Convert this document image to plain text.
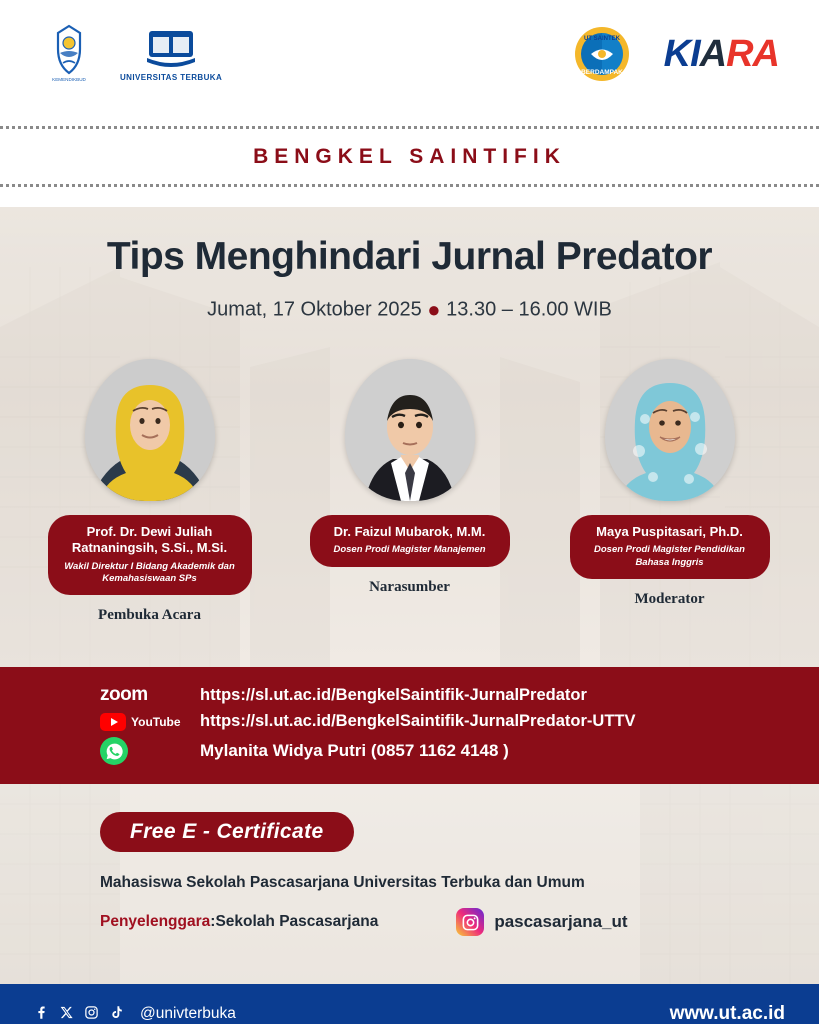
KEMENDIKBUD	UNIVERSITAS TERBUKA
UT SAINTEK
BERDAMPAK KIARA
BENGKEL SAINTIFIK
Tips Menghindari Jurnal Predator
Jumat, 17 Oktober 2025 ● 13.30 – 16.00 WIB
Prof. Dr. Dewi Juliah Ratnaningsih, S.Si., M.Si.
Wakil Direktur I Bidang Akademik dan Kemahasiswaan SPs
Pembuka Acara
Dr. Faizul Mubarok, M.M.
Dosen Prodi Magister Manajemen
Narasumber
Maya Puspitasari, Ph.D.
Dosen Prodi Magister Pendidikan Bahasa Inggris
Moderator
zoom	https://sl.ut.ac.id/BengkelSaintifik-JurnalPredator
YouTube https://sl.ut.ac.id/BengkelSaintifik-JurnalPredator-UTTV
Mylanita Widya Putri (0857 1162 4148 )
Free E - Certificate
Mahasiswa Sekolah Pascasarjana Universitas Terbuka dan Umum
Penyelenggara : Sekolah Pascasarjana	pascasarjana_ut
@univterbuka	www.ut.ac.id
